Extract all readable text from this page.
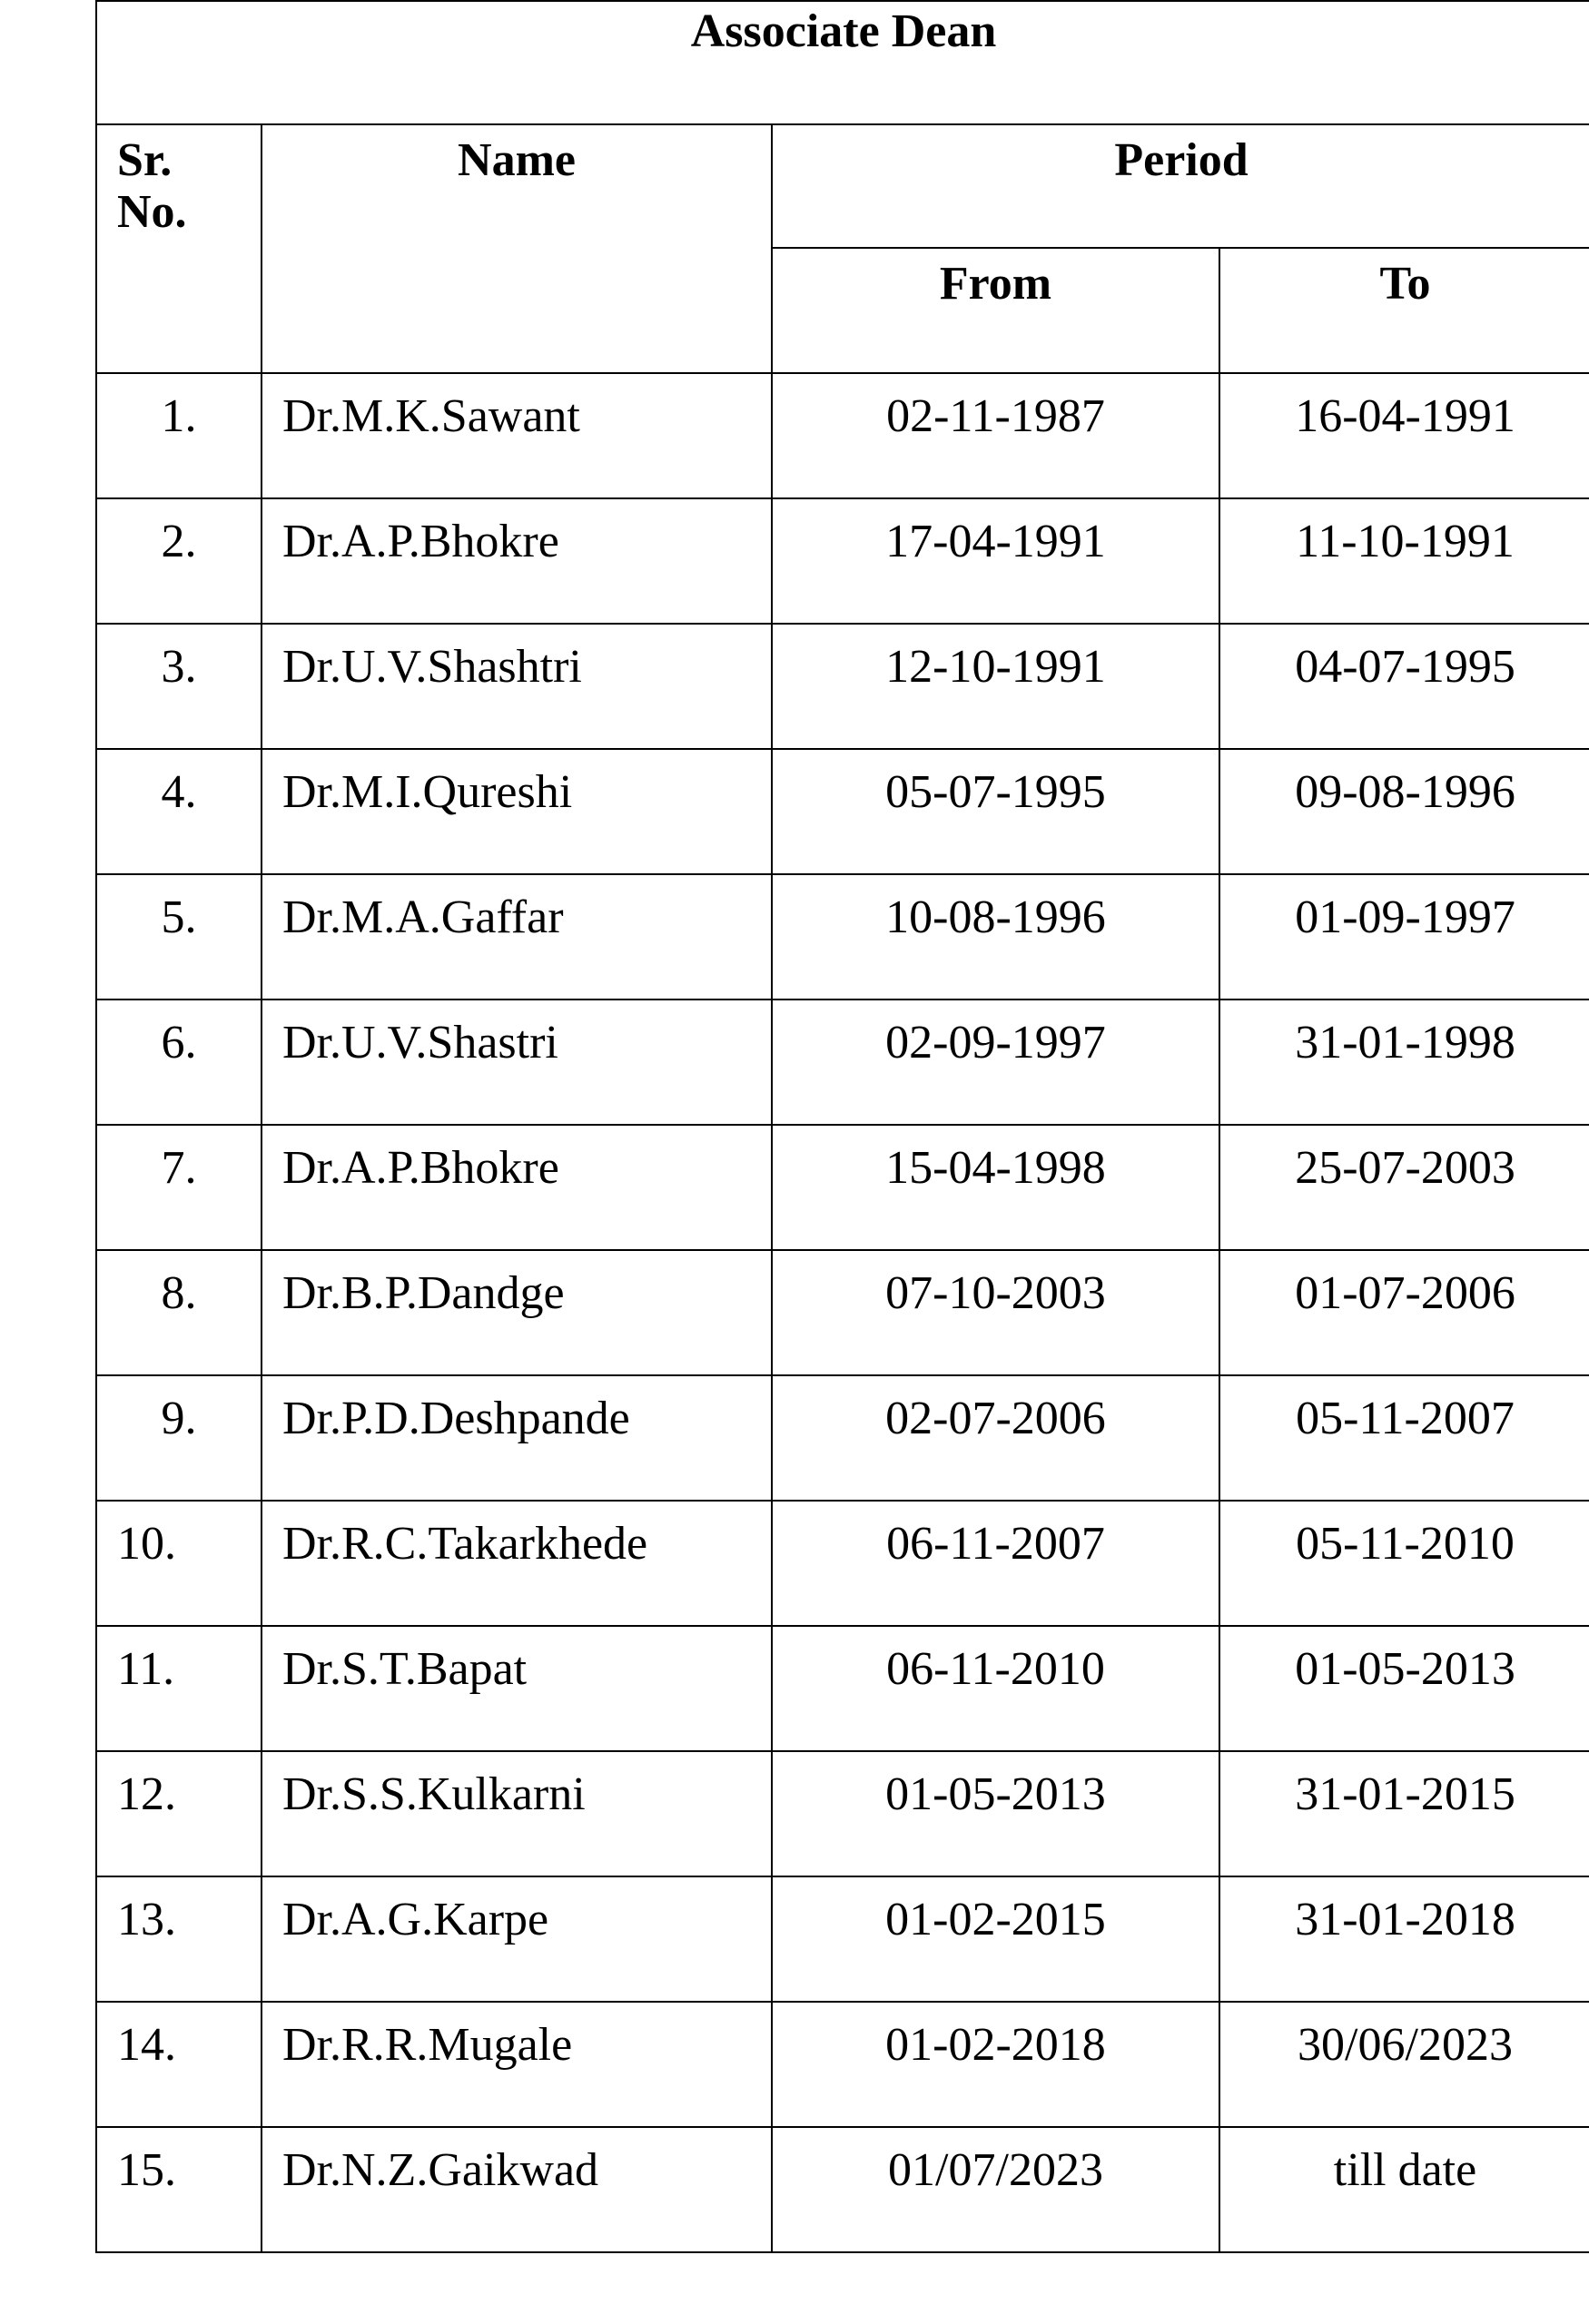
Associate Dean			
Sr. No.	Name	Period	
		From	To
1.	Dr.M.K.Sawant	02-11-1987	16-04-1991
2.	Dr.A.P.Bhokre	17-04-1991	11-10-1991
3.	Dr.U.V.Shashtri	12-10-1991	04-07-1995
4.	Dr.M.I.Qureshi	05-07-1995	09-08-1996
5.	Dr.M.A.Gaffar	10-08-1996	01-09-1997
6.	Dr.U.V.Shastri	02-09-1997	31-01-1998
7.	Dr.A.P.Bhokre	15-04-1998	25-07-2003
8.	Dr.B.P.Dandge	07-10-2003	01-07-2006
9.	Dr.P.D.Deshpande	02-07-2006	05-11-2007
10.	Dr.R.C.Takarkhede	06-11-2007	05-11-2010
11.	Dr.S.T.Bapat	06-11-2010	01-05-2013
12.	Dr.S.S.Kulkarni	01-05-2013	31-01-2015
13.	Dr.A.G.Karpe	01-02-2015	31-01-2018
14.	Dr.R.R.Mugale	01-02-2018	30/06/2023
15.	Dr.N.Z.Gaikwad	01/07/2023	till date
